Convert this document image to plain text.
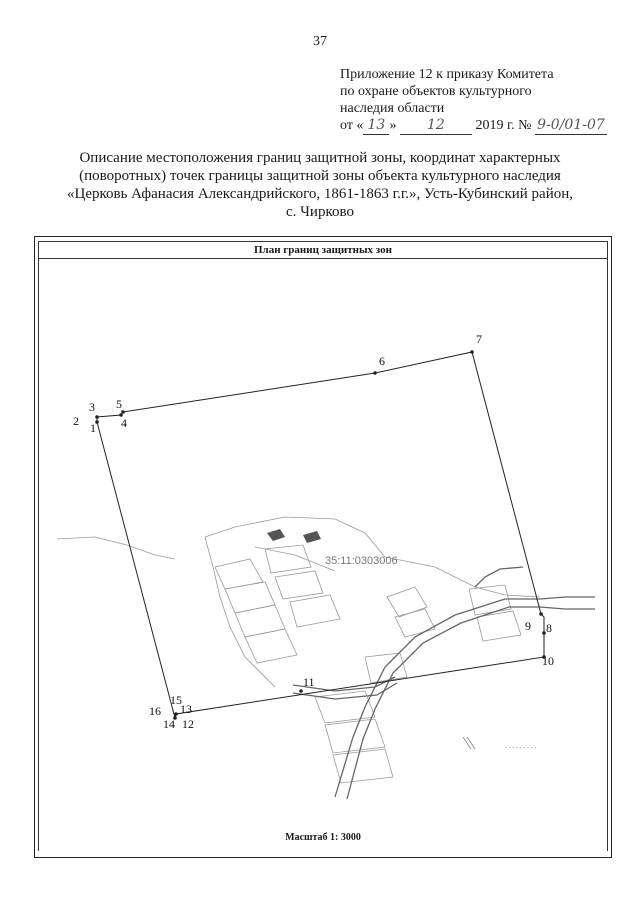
37
Приложение 12 к приказу Комитета
по охране объектов культурного
наследия области
от « 13 » 12 2019 г. № 9-0/01-07
Описание местоположения границ защитной зоны, координат характерных
(поворотных) точек границы защитной зоны объекта культурного наследия
«Церковь Афанасия Александрийского, 1861-1863 г.г.», Усть-Кубинский район,
с. Чирково
План границ защитных зон
35:11:0303006
- - - - - - - - -
1
2
3
4
5
6
7
8
9
10
11
12
13
14
15
16
Масштаб 1: 3000
